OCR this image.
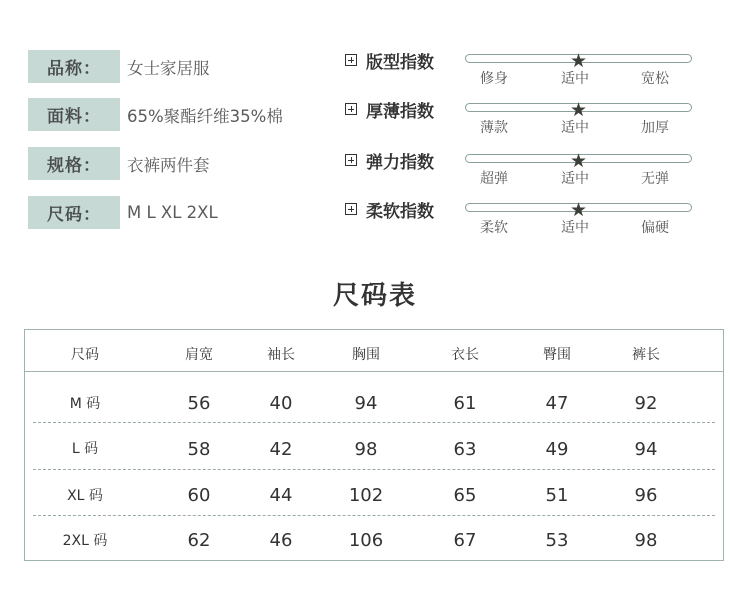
品称：	女士家居服
面料：	65%聚酯纤维35%棉
规格：	衣裤两件套
尺码：	M L XL 2XL
版型指数	★
修身	适中	宽松
厚薄指数	★
薄款	适中	加厚
弹力指数	★
超弹	适中	无弹
柔软指数	★
柔软	适中	偏硬
尺码表
尺码	肩宽	袖长	胸围	衣长	臀围	裤长
M 码	56	40	94	61	47	92
L 码	58	42	98	63	49	94
XL 码	60	44	102	65	51	96
2XL 码	62	46	106	67	53	98
